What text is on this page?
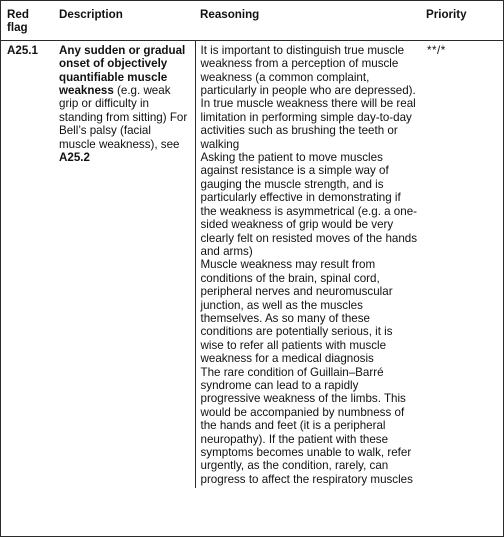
Red flag	Description	Reasoning	Priority
A25.1	Any sudden or gradual onset of objectively quantifiable muscle weakness (e.g. weak grip or difficulty in standing from sitting) For Bell’s palsy (facial muscle weakness), see A25.2	It is important to distinguish true muscle weakness from a perception of muscle weakness (a common complaint, particularly in people who are depressed). In true muscle weakness there will be real limitation in performing simple day-to-day activities such as brushing the teeth or walking

Asking the patient to move muscles against resistance is a simple way of gauging the muscle strength, and is particularly effective in demonstrating if the weakness is asymmetrical (e.g. a one-sided weakness of grip would be very clearly felt on resisted moves of the hands and arms)

Muscle weakness may result from conditions of the brain, spinal cord, peripheral nerves and neuromuscular junction, as well as the muscles themselves. As so many of these conditions are potentially serious, it is wise to refer all patients with muscle weakness for a medical diagnosis

The rare condition of Guillain–Barré syndrome can lead to a rapidly progressive weakness of the limbs. This would be accompanied by numbness of the hands and feet (it is a peripheral neuropathy). If the patient with these symptoms becomes unable to walk, refer urgently, as the condition, rarely, can progress to affect the respiratory muscles	**/*
